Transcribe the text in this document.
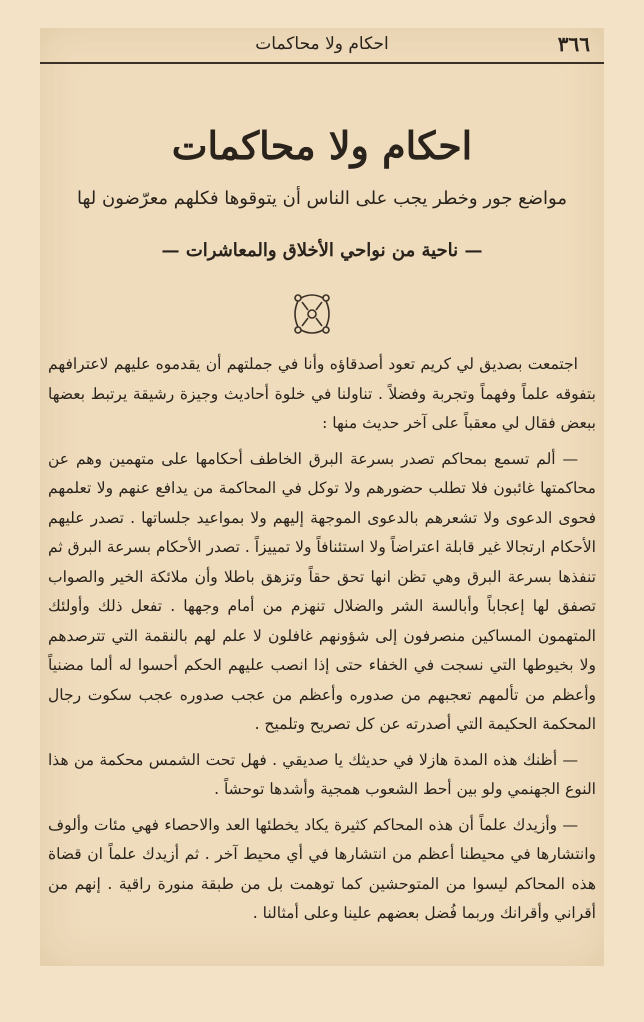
٣٦٦
احكام ولا محاكمات
احكام ولا محاكمات
مواضع جور وخطر يجب على الناس أن يتوقوها فكلهم معرّضون لها
— ناحية من نواحي الأخلاق والمعاشرات —

اجتمعت بصديق لي كريم تعود أصدقاؤه وأنا في جملتهم أن يقدموه عليهم لاعترافهم بتفوقه علماً وفهماً وتجربة وفضلاً . تناولنا في خلوة أحاديث وجيزة رشيقة يرتبط بعضها ببعض فقال لي معقباً على آخر حديث منها :

— ألم تسمع بمحاكم تصدر بسرعة البرق الخاطف أحكامها على متهمين وهم عن محاكمتها غائبون فلا تطلب حضورهم ولا توكل في المحاكمة من يدافع عنهم ولا تعلمهم فحوى الدعوى ولا تشعرهم بالدعوى الموجهة إليهم ولا بمواعيد جلساتها . تصدر عليهم الأحكام ارتجالا غير قابلة اعتراضاً ولا استئنافاً ولا تمييزاً . تصدر الأحكام بسرعة البرق ثم تنفذها بسرعة البرق وهي تظن انها تحق حقاً وتزهق باطلا وأن ملائكة الخير والصواب تصفق لها إعجاباً وأبالسة الشر والضلال تنهزم من أمام وجهها . تفعل ذلك وأولئك المتهمون المساكين منصرفون إلى شؤونهم غافلون لا علم لهم بالنقمة التي تترصدهم ولا بخيوطها التي نسجت في الخفاء حتى إذا انصب عليهم الحكم أحسوا له ألما مضنياً وأعظم من تألمهم تعجبهم من صدوره وأعظم من عجب صدوره عجب سكوت رجال المحكمة الحكيمة التي أصدرته عن كل تصريح وتلميح .

— أظنك هذه المدة هازلا في حديثك يا صديقي . فهل تحت الشمس محكمة من هذا النوع الجهنمي ولو بين أحط الشعوب همجية وأشدها توحشاً .

— وأزيدك علماً أن هذه المحاكم كثيرة يكاد يخطئها العد والاحصاء فهي مئات وألوف وانتشارها في محيطنا أعظم من انتشارها في أي محيط آخر . ثم أزيدك علماً ان قضاة هذه المحاكم ليسوا من المتوحشين كما توهمت بل من طبقة منورة راقية . إنهم من أقراني وأقرانك وربما فُضل بعضهم علينا وعلى أمثالنا .
